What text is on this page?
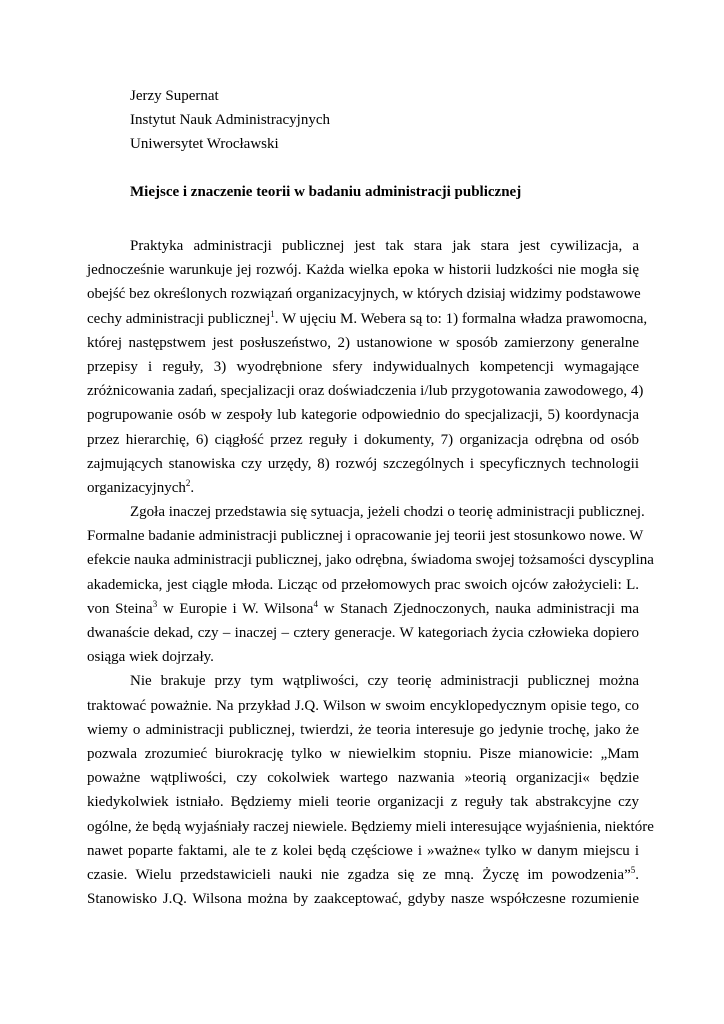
Jerzy Supernat
Instytut Nauk Administracyjnych
Uniwersytet Wrocławski
Miejsce i znaczenie teorii w badaniu administracji publicznej
Praktyka administracji publicznej jest tak stara jak stara jest cywilizacja, a
jednocześnie warunkuje jej rozwój. Każda wielka epoka w historii ludzkości nie mogła się
obejść bez określonych rozwiązań organizacyjnych, w których dzisiaj widzimy podstawowe
cechy administracji publicznej$^1$. W ujęciu M. Webera są to: 1) formalna władza prawomocna,
której następstwem jest posłuszeństwo, 2) ustanowione w sposób zamierzony generalne
przepisy i reguły, 3) wyodrębnione sfery indywidualnych kompetencji wymagające
zróżnicowania zadań, specjalizacji oraz doświadczenia i/lub przygotowania zawodowego, 4)
pogrupowanie osób w zespoły lub kategorie odpowiednio do specjalizacji, 5) koordynacja
przez hierarchię, 6) ciągłość przez reguły i dokumenty, 7) organizacja odrębna od osób
zajmujących stanowiska czy urzędy, 8) rozwój szczególnych i specyficznych technologii
organizacyjnych$^2$.
Zgoła inaczej przedstawia się sytuacja, jeżeli chodzi o teorię administracji publicznej.
Formalne badanie administracji publicznej i opracowanie jej teorii jest stosunkowo nowe. W
efekcie nauka administracji publicznej, jako odrębna, świadoma swojej tożsamości dyscyplina
akademicka, jest ciągle młoda. Licząc od przełomowych prac swoich ojców założycieli: L.
von Steina$^3$ w Europie i W. Wilsona$^4$ w Stanach Zjednoczonych, nauka administracji ma
dwanaście dekad, czy – inaczej – cztery generacje. W kategoriach życia człowieka dopiero
osiąga wiek dojrzały.
Nie brakuje przy tym wątpliwości, czy teorię administracji publicznej można
traktować poważnie. Na przykład J.Q. Wilson w swoim encyklopedycznym opisie tego, co
wiemy o administracji publicznej, twierdzi, że teoria interesuje go jedynie trochę, jako że
pozwala zrozumieć biurokrację tylko w niewielkim stopniu. Pisze mianowicie: „Mam
poważne wątpliwości, czy cokolwiek wartego nazwania »teorią organizacji« będzie
kiedykolwiek istniało. Będziemy mieli teorie organizacji z reguły tak abstrakcyjne czy
ogólne, że będą wyjaśniały raczej niewiele. Będziemy mieli interesujące wyjaśnienia, niektóre
nawet poparte faktami, ale te z kolei będą częściowe i »ważne« tylko w danym miejscu i
czasie. Wielu przedstawicieli nauki nie zgadza się ze mną. Życzę im powodzenia”$^5$.
Stanowisko J.Q. Wilsona można by zaakceptować, gdyby nasze współczesne rozumienie
